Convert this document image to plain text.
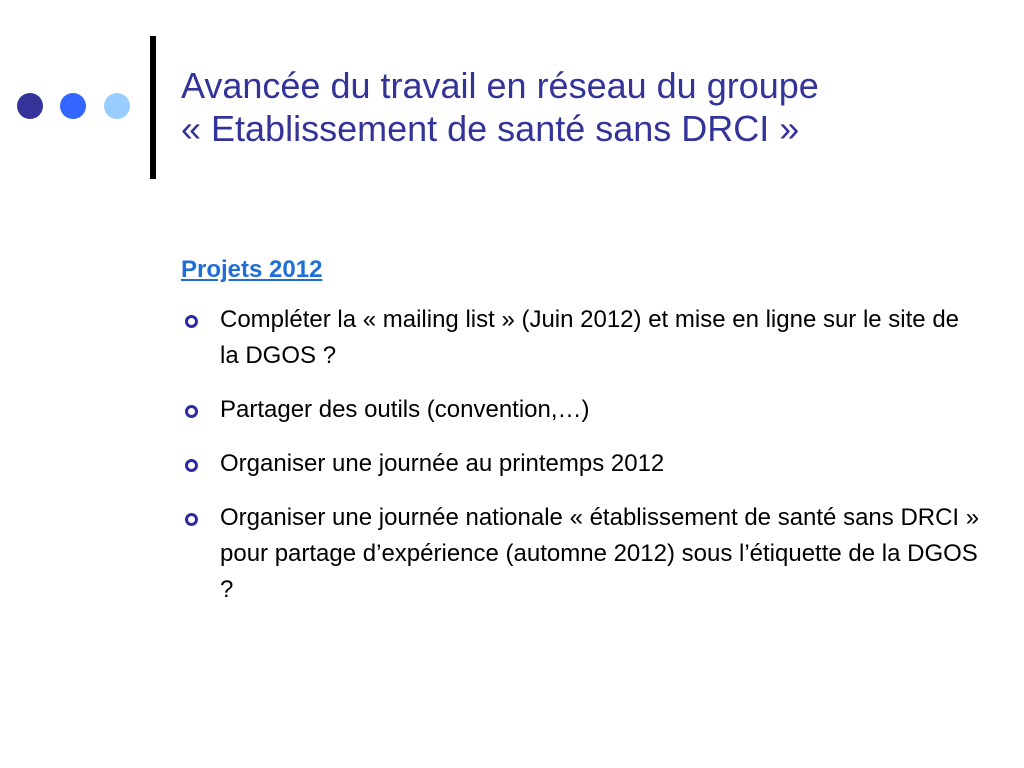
Avancée du travail en réseau du groupe
« Etablissement de santé sans DRCI »
Projets 2012
Compléter la « mailing list » (Juin 2012) et mise en ligne sur le site de la DGOS ?
Partager des outils (convention,…)
Organiser une journée au printemps 2012
Organiser une journée nationale « établissement de santé sans DRCI » pour partage d’expérience (automne 2012) sous l’étiquette de la DGOS ?
